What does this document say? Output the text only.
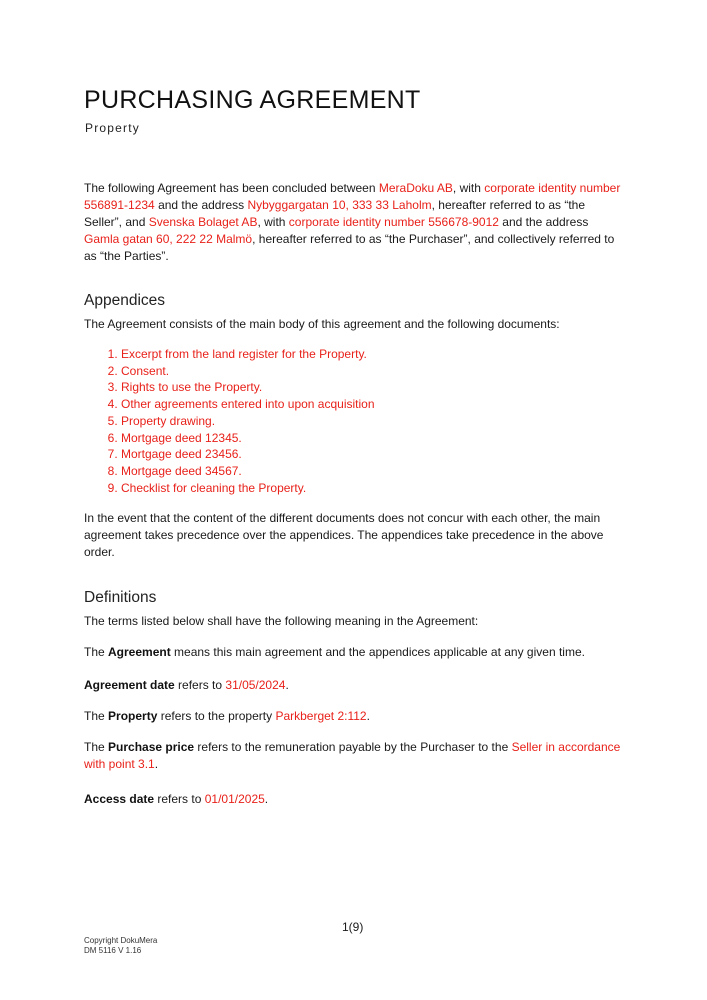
PURCHASING AGREEMENT
Property

The following Agreement has been concluded between MeraDoku AB, with corporate identity number 556891-1234 and the address Nybyggargatan 10, 333 33 Laholm, hereafter referred to as “the Seller”, and Svenska Bolaget AB, with corporate identity number 556678-9012 and the address Gamla gatan 60, 222 22 Malmö, hereafter referred to as “the Purchaser”, and collectively referred to as “the Parties”.

Appendices

The Agreement consists of the main body of this agreement and the following documents:

1. Excerpt from the land register for the Property.
2. Consent.
3. Rights to use the Property.
4. Other agreements entered into upon acquisition
5. Property drawing.
6. Mortgage deed 12345.
7. Mortgage deed 23456.
8. Mortgage deed 34567.
9. Checklist for cleaning the Property.

In the event that the content of the different documents does not concur with each other, the main agreement takes precedence over the appendices. The appendices take precedence in the above order.

Definitions

The terms listed below shall have the following meaning in the Agreement:

The Agreement means this main agreement and the appendices applicable at any given time.

Agreement date refers to 31/05/2024.

The Property refers to the property Parkberget 2:112.

The Purchase price refers to the remuneration payable by the Purchaser to the Seller in accordance with point 3.1.

Access date refers to 01/01/2025.

1(9)
Copyright DokuMera
DM 5116 V 1.16
